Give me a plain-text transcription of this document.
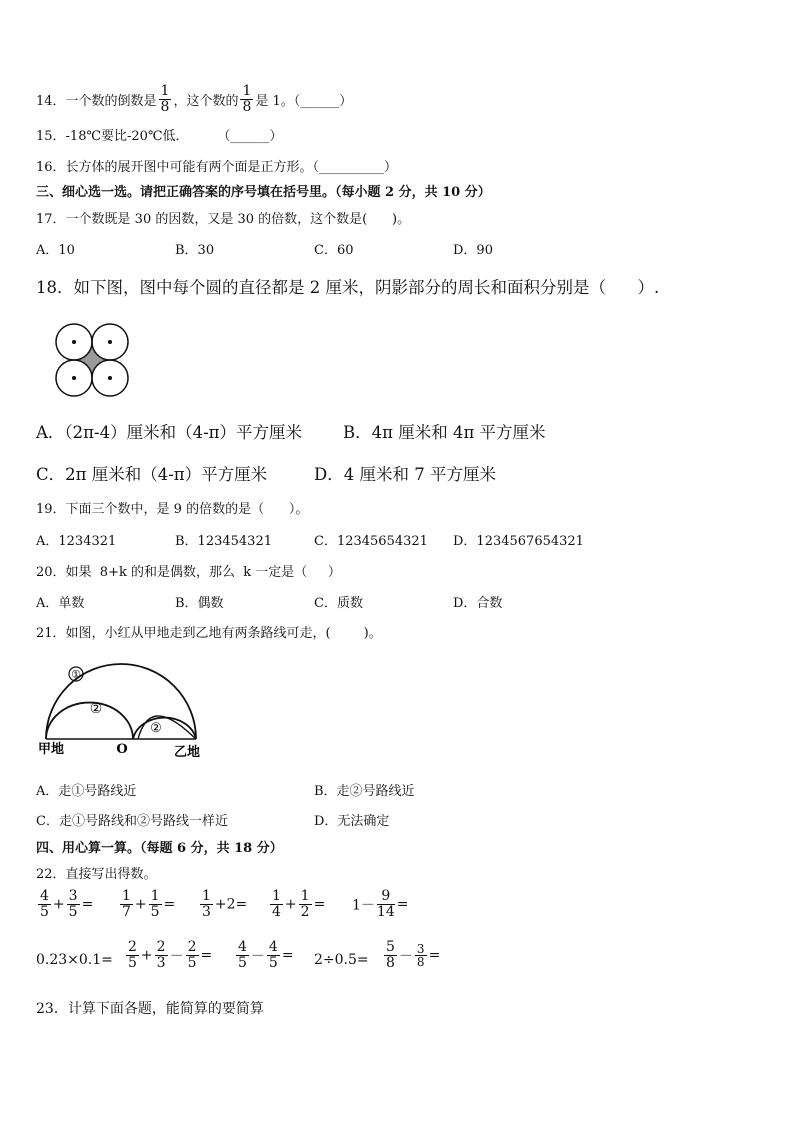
14．一个数的倒数是 $\frac{1}{8}$ ，这个数的 $\frac{1}{8}$ 是 1。（______）
15．-18℃要比-20℃低．       （______）
16．长方体的展开图中可能有两个面是正方形。（__________）
三、细心选一选。请把正确答案的序号填在括号里。（每小题 2 分，共 10 分）
17．一个数既是 30 的因数，又是 30 的倍数，这个数是(      )。
A．10	B．30	C．60	D．90
18．如下图，图中每个圆的直径都是 2 厘米，阴影部分的周长和面积分别是（      ）.
A．（2π-4）厘米和（4-π）平方厘米 B．4π 厘米和 4π 平方厘米
C．2π 厘米和（4-π）平方厘米	D．4 厘米和 7 平方厘米
19．下面三个数中，是 9 的倍数的是（      ）。
A．1234321	B．123454321	C．12345654321 D．1234567654321
20．如果  8+k 的和是偶数，那么  k 一定是（     ）
A．单数	B．偶数	C．质数	D．合数
21．如图，小红从甲地走到乙地有两条路线可走，(        )。
①
②
②
甲地	O	乙地
A．走①号路线近	B．走②号路线近
C．走①号路线和②号路线一样近	D．无法确定
四、用心算一算。（每题 6 分，共 18 分）
22．直接写出得数。
$\frac{4}{5} + \frac{3}{5} = \frac{1}{7} + \frac{1}{5} = \frac{1}{3} +2= \frac{1}{4} + \frac{1}{2} = 1- \frac{9}{14}$ =
$0.23\times 0.1= \frac{2}{5} + \frac{2}{3} - \frac{2}{5} = \frac{4}{5} - \frac{4}{5} = 2\div 0.5= \frac{5}{8} - \frac{3}{8}$ =
23．计算下面各题，能简算的要简算
